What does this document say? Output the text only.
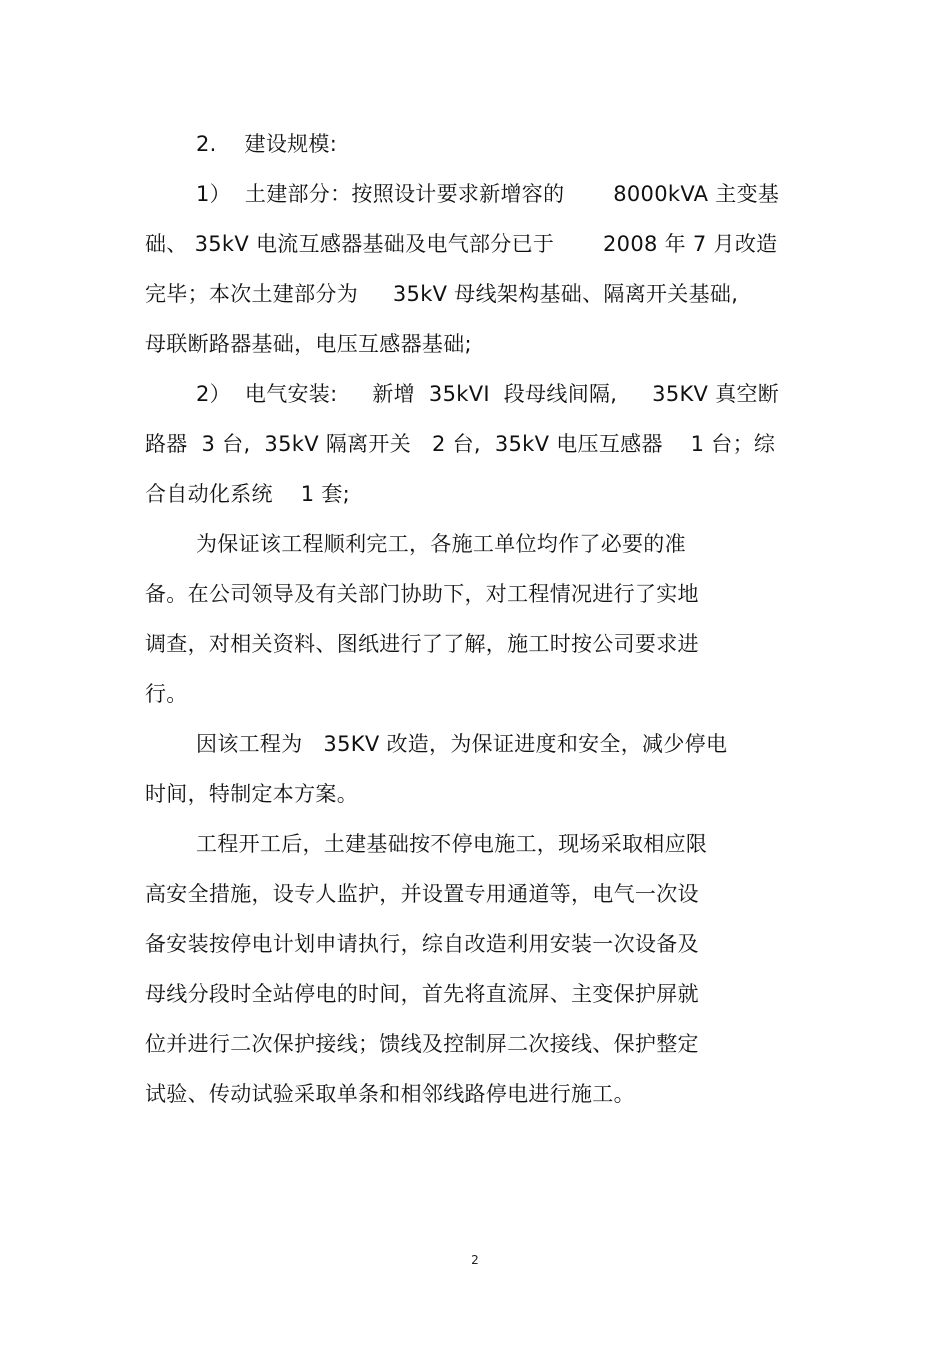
2.    建设规模:
1）  土建部分：按照设计要求新增容的       8000kVA 主变基
础、 35kV 电流互感器基础及电气部分已于       2008 年 7 月改造
完毕；本次土建部分为     35kV 母线架构基础、隔离开关基础,
母联断路器基础，电压互感器基础;
2）  电气安装:     新增  35kVI  段母线间隔,     35KV 真空断
路器  3 台,  35kV 隔离开关   2 台,  35kV 电压互感器    1 台；综
合自动化系统    1 套;
为保证该工程顺利完工，各施工单位均作了必要的准
备。在公司领导及有关部门协助下，对工程情况进行了实地
调查，对相关资料、图纸进行了了解，施工时按公司要求进
行。
因该工程为   35KV 改造，为保证进度和安全，减少停电
时间，特制定本方案。
工程开工后，土建基础按不停电施工，现场采取相应限
高安全措施，设专人监护，并设置专用通道等，电气一次设
备安装按停电计划申请执行，综自改造利用安装一次设备及
母线分段时全站停电的时间，首先将直流屏、主变保护屏就
位并进行二次保护接线；馈线及控制屏二次接线、保护整定
试验、传动试验采取单条和相邻线路停电进行施工。
2
